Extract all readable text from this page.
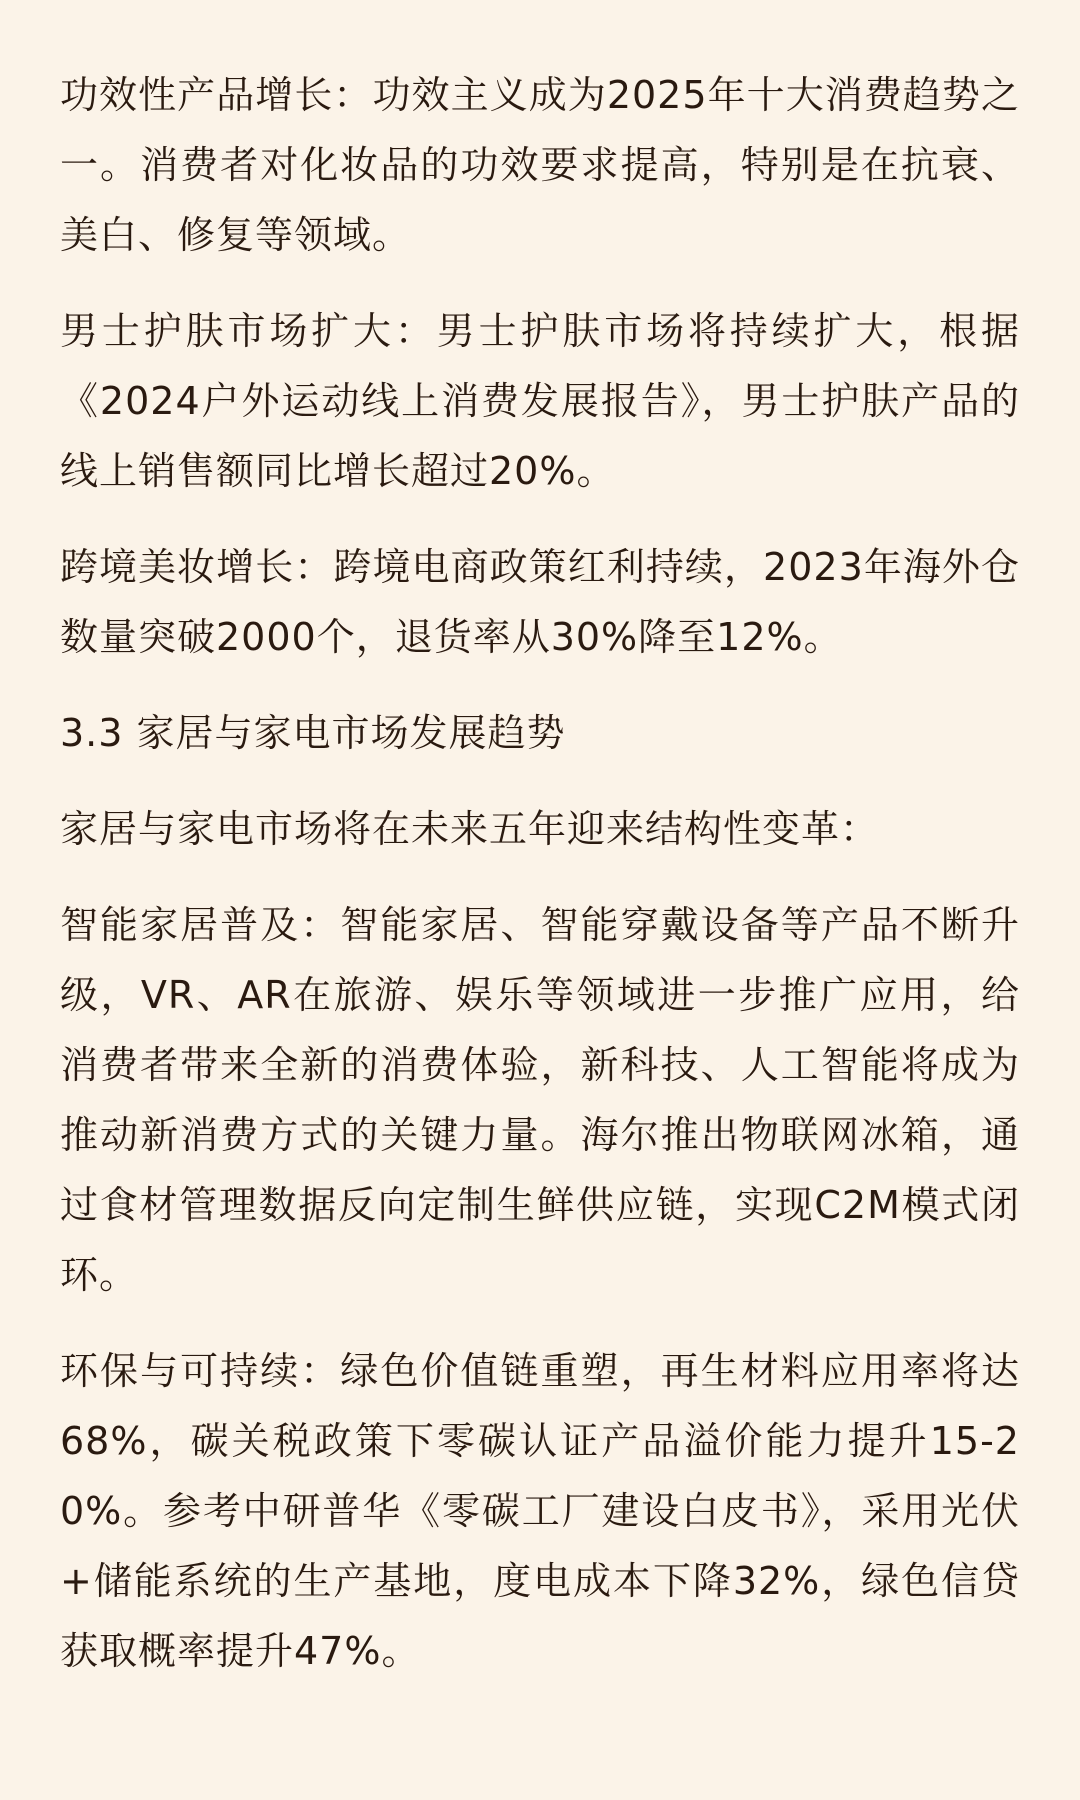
功效性产品增长：功效主义成为2025年十大消费趋势之一。消费者对化妆品的功效要求提高，特别是在抗衰、美白、修复等领域。

男士护肤市场扩大：男士护肤市场将持续扩大，根据《2024户外运动线上消费发展报告》，男士护肤产品的线上销售额同比增长超过20%。

跨境美妆增长：跨境电商政策红利持续，2023年海外仓数量突破2000个，退货率从30%降至12%。

3.3 家居与家电市场发展趋势

家居与家电市场将在未来五年迎来结构性变革：

智能家居普及：智能家居、智能穿戴设备等产品不断升级，VR、AR在旅游、娱乐等领域进一步推广应用，给消费者带来全新的消费体验，新科技、人工智能将成为推动新消费方式的关键力量。海尔推出物联网冰箱，通过食材管理数据反向定制生鲜供应链，实现C2M模式闭环。

环保与可持续：绿色价值链重塑，再生材料应用率将达68%，碳关税政策下零碳认证产品溢价能力提升15-20%。参考中研普华《零碳工厂建设白皮书》，采用光伏+储能系统的生产基地，度电成本下降32%，绿色信贷获取概率提升47%。
